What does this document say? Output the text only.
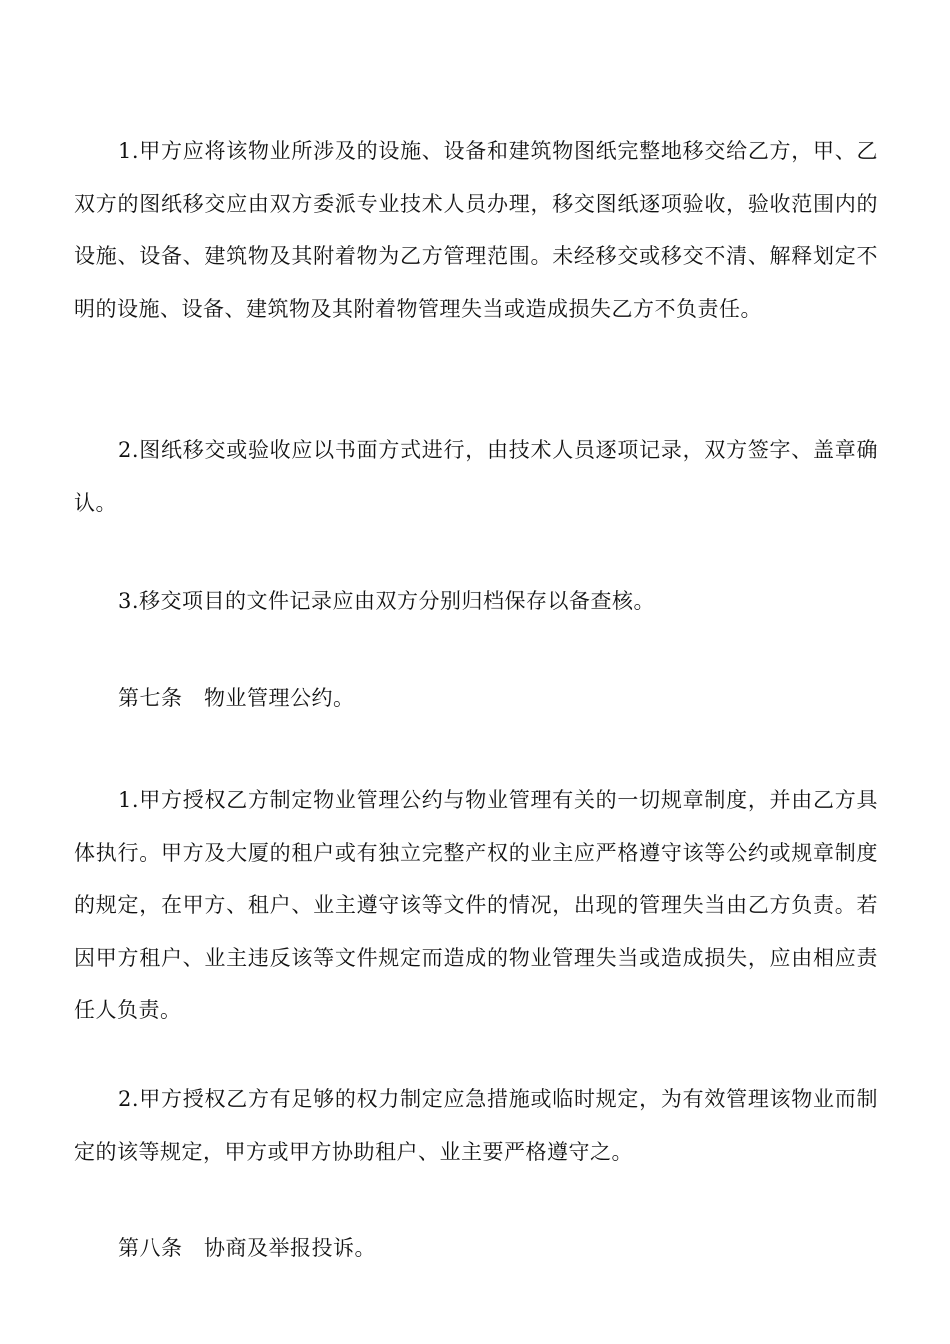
1.甲方应将该物业所涉及的设施、设备和建筑物图纸完整地移交给乙方，甲、乙双方的图纸移交应由双方委派专业技术人员办理，移交图纸逐项验收，验收范围内的设施、设备、建筑物及其附着物为乙方管理范围。未经移交或移交不清、解释划定不明的设施、设备、建筑物及其附着物管理失当或造成损失乙方不负责任。

2.图纸移交或验收应以书面方式进行，由技术人员逐项记录，双方签字、盖章确认。

3.移交项目的文件记录应由双方分别归档保存以备查核。

第七条　物业管理公约。

1.甲方授权乙方制定物业管理公约与物业管理有关的一切规章制度，并由乙方具体执行。甲方及大厦的租户或有独立完整产权的业主应严格遵守该等公约或规章制度的规定，在甲方、租户、业主遵守该等文件的情况，出现的管理失当由乙方负责。若因甲方租户、业主违反该等文件规定而造成的物业管理失当或造成损失，应由相应责任人负责。

2.甲方授权乙方有足够的权力制定应急措施或临时规定，为有效管理该物业而制定的该等规定，甲方或甲方协助租户、业主要严格遵守之。

第八条　协商及举报投诉。
